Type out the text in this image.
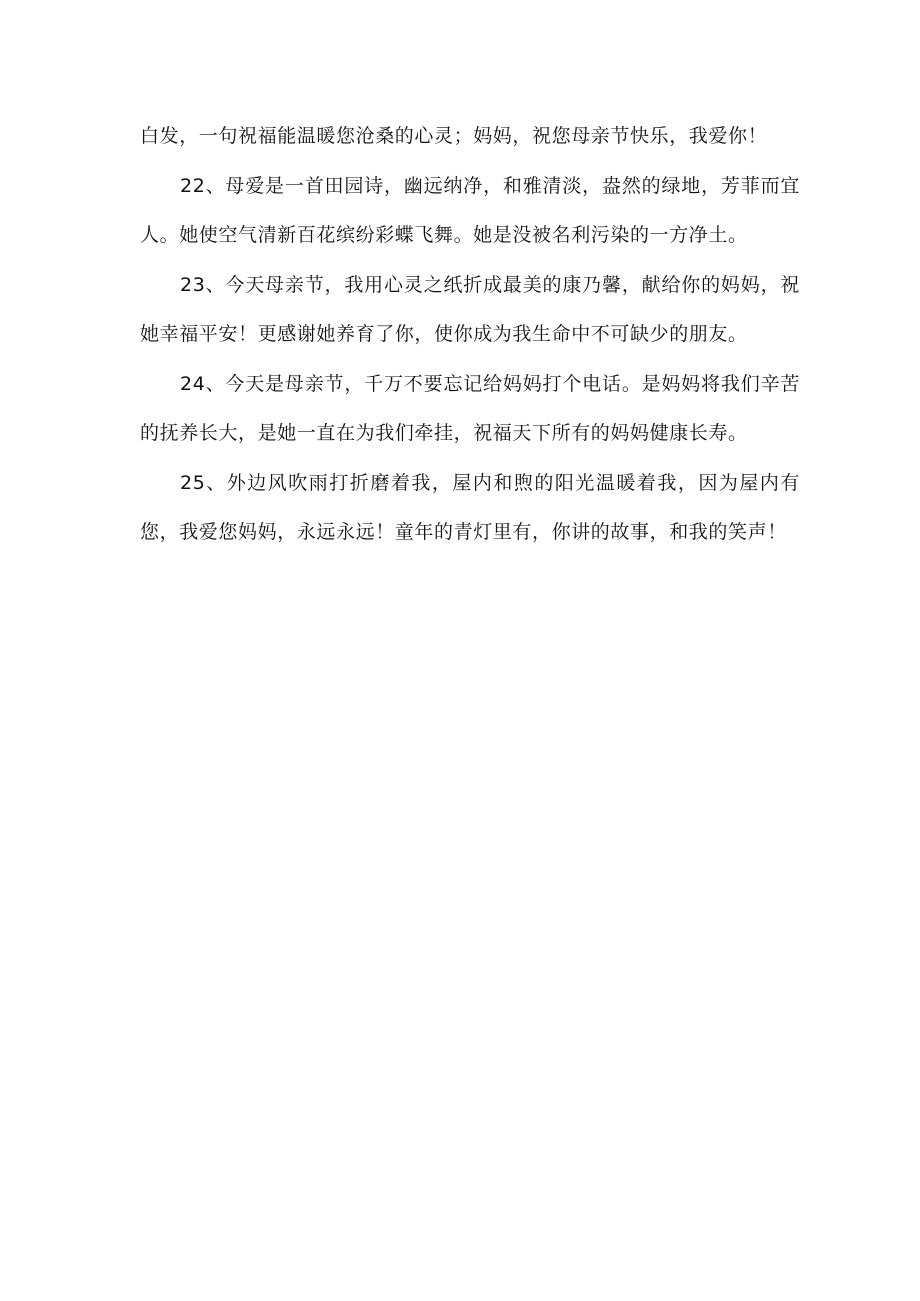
白发，一句祝福能温暖您沧桑的心灵；妈妈，祝您母亲节快乐，我爱你！

22、母爱是一首田园诗，幽远纳净，和雅清淡，盎然的绿地，芳菲而宜人。她使空气清新百花缤纷彩蝶飞舞。她是没被名利污染的一方净土。

23、今天母亲节，我用心灵之纸折成最美的康乃馨，献给你的妈妈，祝她幸福平安！更感谢她养育了你，使你成为我生命中不可缺少的朋友。

24、今天是母亲节，千万不要忘记给妈妈打个电话。是妈妈将我们辛苦的抚养长大，是她一直在为我们牵挂，祝福天下所有的妈妈健康长寿。

25、外边风吹雨打折磨着我，屋内和煦的阳光温暖着我，因为屋内有您，我爱您妈妈，永远永远！童年的青灯里有，你讲的故事，和我的笑声！
